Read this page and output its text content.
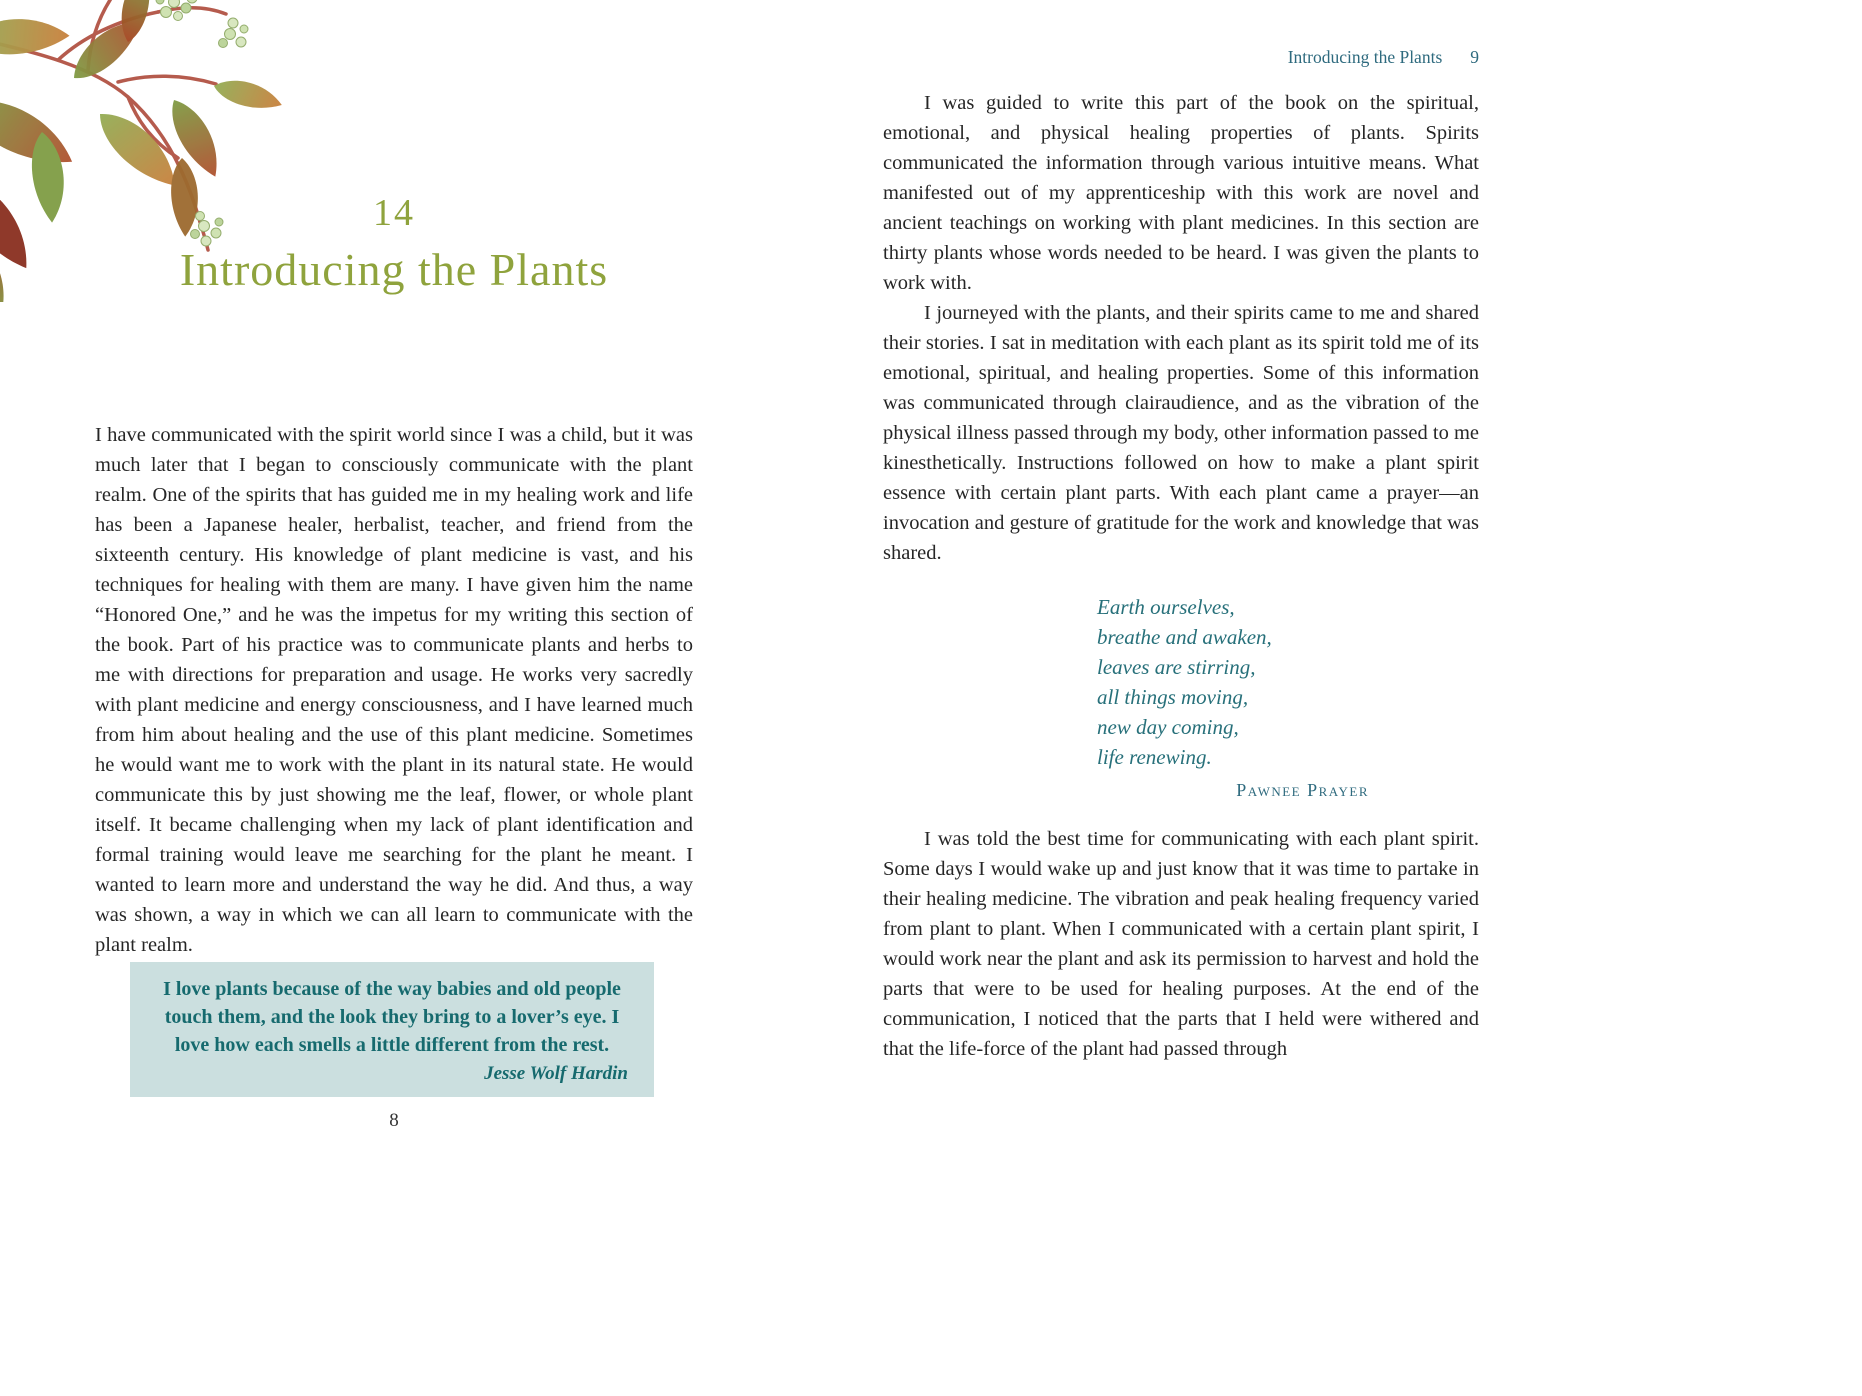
14
Introducing the Plants

I have communicated with the spirit world since I was a child, but it was much later that I began to consciously communicate with the plant realm. One of the spirits that has guided me in my healing work and life has been a Japanese healer, herbalist, teacher, and friend from the sixteenth century. His knowledge of plant medicine is vast, and his techniques for healing with them are many. I have given him the name “Honored One,” and he was the impetus for my writing this section of the book. Part of his practice was to communicate plants and herbs to me with directions for preparation and usage. He works very sacredly with plant medicine and energy consciousness, and I have learned much from him about healing and the use of this plant medicine. Sometimes he would want me to work with the plant in its natural state. He would communicate this by just showing me the leaf, flower, or whole plant itself. It became challenging when my lack of plant identification and formal training would leave me searching for the plant he meant. I wanted to learn more and understand the way he did. And thus, a way was shown, a way in which we can all learn to communicate with the plant realm.

I love plants because of the way babies and old people touch them, and the look they bring to a lover’s eye. I love how each smells a little different from the rest.

Jesse Wolf Hardin
8
Introducing the Plants 9

I was guided to write this part of the book on the spiritual, emotional, and physical healing properties of plants. Spirits communicated the information through various intuitive means. What manifested out of my apprenticeship with this work are novel and ancient teachings on working with plant medicines. In this section are thirty plants whose words needed to be heard. I was given the plants to work with.

I journeyed with the plants, and their spirits came to me and shared their stories. I sat in meditation with each plant as its spirit told me of its emotional, spiritual, and healing properties. Some of this information was communicated through clairaudience, and as the vibration of the physical illness passed through my body, other information passed to me kinesthetically. Instructions followed on how to make a plant spirit essence with certain plant parts. With each plant came a prayer—an invocation and gesture of gratitude for the work and knowledge that was shared.

Earth ourselves,
breathe and awaken,
leaves are stirring,
all things moving,
new day coming,
life renewing.
Pawnee Prayer

I was told the best time for communicating with each plant spirit. Some days I would wake up and just know that it was time to partake in their healing medicine. The vibration and peak healing frequency varied from plant to plant. When I communicated with a certain plant spirit, I would work near the plant and ask its permission to harvest and hold the parts that were to be used for healing purposes. At the end of the communication, I noticed that the parts that I held were withered and that the life-force of the plant had passed through
